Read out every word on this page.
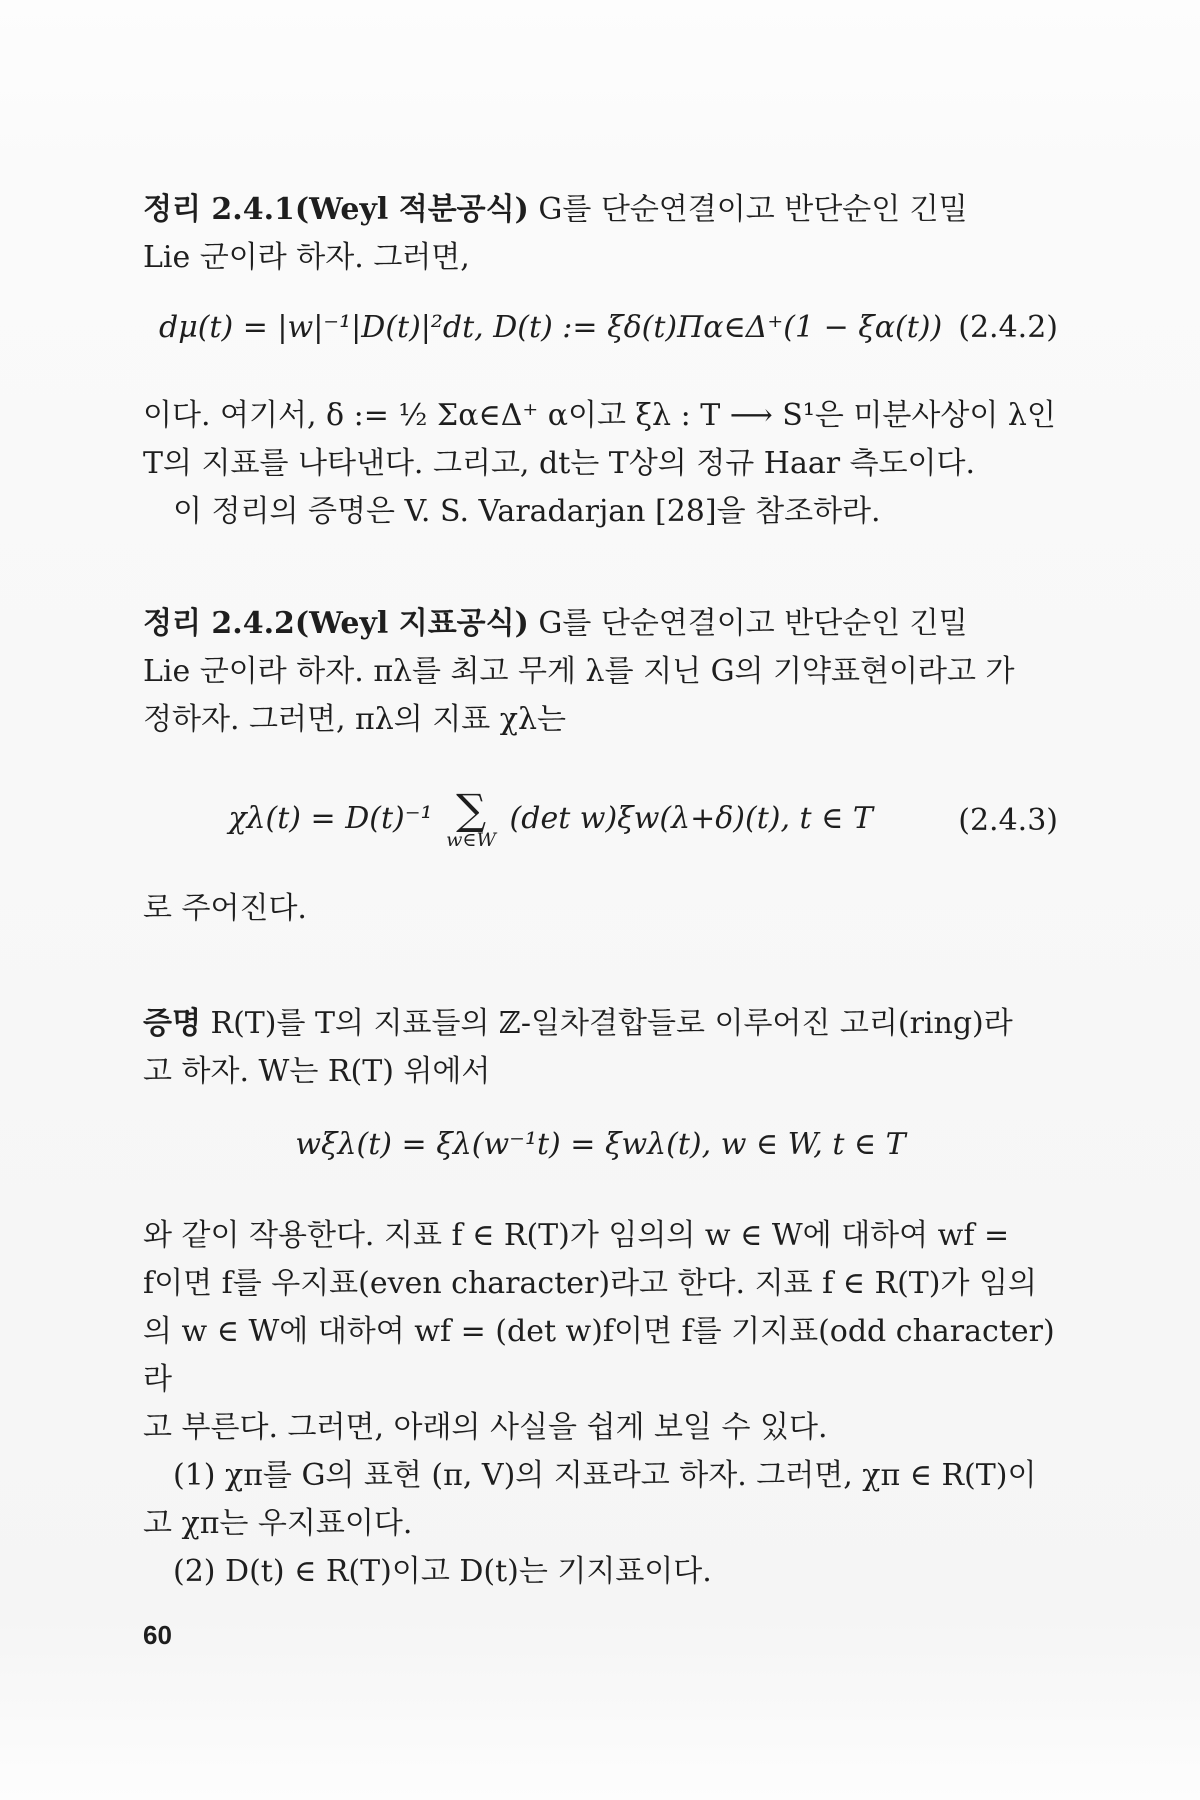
정리 2.4.1(Weyl 적분공식) G를 단순연결이고 반단순인 긴밀

Lie 군이라 하자. 그러면,

dμ(t) = |w|⁻¹|D(t)|²dt, D(t) := ξδ(t)Πα∈Δ⁺(1 − ξα(t)) (2.4.2)

이다. 여기서, δ := ½ Σα∈Δ⁺ α이고 ξλ : T ⟶ S¹은 미분사상이 λ인

T의 지표를 나타낸다. 그리고, dt는 T상의 정규 Haar 측도이다.

이 정리의 증명은 V. S. Varadarjan [28]을 참조하라.

정리 2.4.2(Weyl 지표공식) G를 단순연결이고 반단순인 긴밀

Lie 군이라 하자. πλ를 최고 무게 λ를 지닌 G의 기약표현이라고 가

정하자. 그러면, πλ의 지표 χλ는

χλ(t) = D(t)⁻¹ ∑
w∈W
(det w)ξw(λ+δ)(t), t ∈ T	(2.4.3)

로 주어진다.

증명 R(T)를 T의 지표들의 ℤ-일차결합들로 이루어진 고리(ring)라

고 하자. W는 R(T) 위에서

wξλ(t) = ξλ(w⁻¹t) = ξwλ(t), w ∈ W, t ∈ T

와 같이 작용한다. 지표 f ∈ R(T)가 임의의 w ∈ W에 대하여 wf =

f이면 f를 우지표(even character)라고 한다. 지표 f ∈ R(T)가 임의

의 w ∈ W에 대하여 wf = (det w)f이면 f를 기지표(odd character)라

고 부른다. 그러면, 아래의 사실을 쉽게 보일 수 있다.

(1) χπ를 G의 표현 (π, V)의 지표라고 하자. 그러면, χπ ∈ R(T)이

고 χπ는 우지표이다.

(2) D(t) ∈ R(T)이고 D(t)는 기지표이다.

60
